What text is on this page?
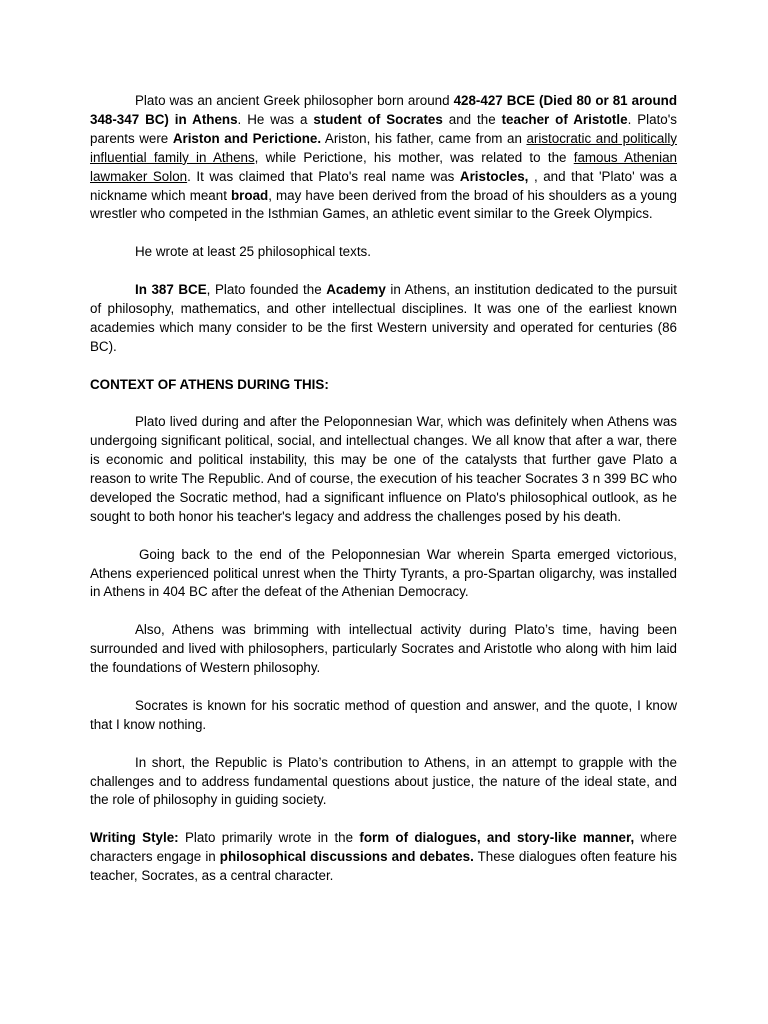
Plato was an ancient Greek philosopher born around 428-427 BCE (Died 80 or 81 around 348-347 BC) in Athens. He was a student of Socrates and the teacher of Aristotle. Plato's parents were Ariston and Perictione. Ariston, his father, came from an aristocratic and politically influential family in Athens, while Perictione, his mother, was related to the famous Athenian lawmaker Solon. It was claimed that Plato's real name was Aristocles, , and that 'Plato' was a nickname which meant broad, may have been derived from the broad of his shoulders as a young wrestler who competed in the Isthmian Games, an athletic event similar to the Greek Olympics.

He wrote at least 25 philosophical texts.

In 387 BCE, Plato founded the Academy in Athens, an institution dedicated to the pursuit of philosophy, mathematics, and other intellectual disciplines. It was one of the earliest known academies which many consider to be the first Western university and operated for centuries (86 BC).

CONTEXT OF ATHENS DURING THIS:

Plato lived during and after the Peloponnesian War, which was definitely when Athens was undergoing significant political, social, and intellectual changes. We all know that after a war, there is economic and political instability, this may be one of the catalysts that further gave Plato a reason to write The Republic. And of course, the execution of his teacher Socrates 3 n 399 BC who developed the Socratic method, had a significant influence on Plato's philosophical outlook, as he sought to both honor his teacher's legacy and address the challenges posed by his death.

Going back to the end of the Peloponnesian War wherein Sparta emerged victorious, Athens experienced political unrest when the Thirty Tyrants, a pro-Spartan oligarchy, was installed in Athens in 404 BC after the defeat of the Athenian Democracy.

Also, Athens was brimming with intellectual activity during Plato’s time, having been surrounded and lived with philosophers, particularly Socrates and Aristotle who along with him laid the foundations of Western philosophy.

Socrates is known for his socratic method of question and answer, and the quote, I know that I know nothing.

In short, the Republic is Plato’s contribution to Athens, in an attempt to grapple with the challenges and to address fundamental questions about justice, the nature of the ideal state, and the role of philosophy in guiding society.

Writing Style: Plato primarily wrote in the form of dialogues, and story-like manner, where characters engage in philosophical discussions and debates. These dialogues often feature his teacher, Socrates, as a central character.
